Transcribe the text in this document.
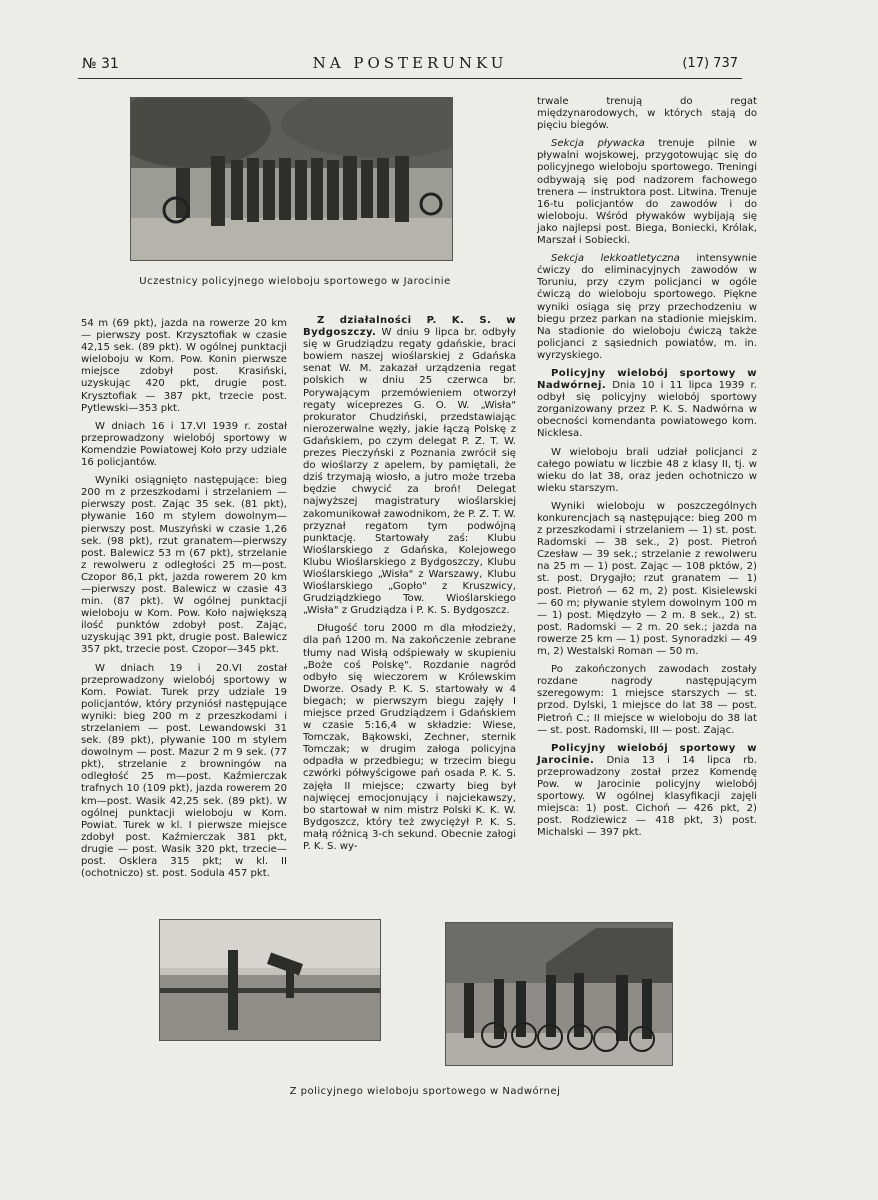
№ 31	NA POSTERUNKU	(17) 737
Uczestnicy policyjnego wieloboju sportowego w Jarocinie

54 m (69 pkt), jazda na rowerze 20 km — pierwszy post. Krzysztofiak w czasie 42,15 sek. (89 pkt). W ogólnej punktacji wieloboju w Kom. Pow. Konin pierwsze miejsce zdobył post. Krasiński, uzyskując 420 pkt, drugie post. Krysztofiak — 387 pkt, trzecie post. Pytlewski—353 pkt.

W dniach 16 i 17.VI 1939 r. został przeprowadzony wielobój sportowy w Komendzie Powiatowej Koło przy udziale 16 policjantów.

Wyniki osiągnięto następujące: bieg 200 m z przeszkodami i strzelaniem — pierwszy post. Zając 35 sek. (81 pkt), pływanie 160 m stylem dowolnym—pierwszy post. Muszyński w czasie 1,26 sek. (98 pkt), rzut granatem—pierwszy post. Balewicz 53 m (67 pkt), strzelanie z rewolweru z odległości 25 m—post. Czopor 86,1 pkt, jazda rowerem 20 km—pierwszy post. Balewicz w czasie 43 min. (87 pkt). W ogólnej punktacji wieloboju w Kom. Pow. Koło największą ilość punktów zdobył post. Zając, uzyskując 391 pkt, drugie post. Balewicz 357 pkt, trzecie post. Czopor—345 pkt.

W dniach 19 i 20.VI został przeprowadzony wielobój sportowy w Kom. Powiat. Turek przy udziale 19 policjantów, który przyniósł następujące wyniki: bieg 200 m z przeszkodami i strzelaniem — post. Lewandowski 31 sek. (89 pkt), pływanie 100 m stylem dowolnym — post. Mazur 2 m 9 sek. (77 pkt), strzelanie z browningów na odległość 25 m—post. Kaźmierczak trafnych 10 (109 pkt), jazda rowerem 20 km—post. Wasik 42,25 sek. (89 pkt). W ogólnej punktacji wieloboju w Kom. Powiat. Turek w kl. I pierwsze miejsce zdobył post. Kaźmierczak 381 pkt, drugie — post. Wasik 320 pkt, trzecie—post. Osklera 315 pkt; w kl. II (ochotniczo) st. post. Sodula 457 pkt.

Z działalności P. K. S. w Bydgoszczy. W dniu 9 lipca br. odbyły się w Grudziądzu regaty gdańskie, braci bowiem naszej wioślarskiej z Gdańska senat W. M. zakazał urządzenia regat polskich w dniu 25 czerwca br. Porywającym przemówieniem otworzył regaty wiceprezes G. O. W. „Wisła" prokurator Chudziński, przedstawiając nierozerwalne węzły, jakie łączą Polskę z Gdańskiem, po czym delegat P. Z. T. W. prezes Pieczyński z Poznania zwrócił się do wioślarzy z apelem, by pamiętali, że dziś trzymają wiosło, a jutro może trzeba będzie chwycić za broń! Delegat najwyższej magistratury wioślarskiej zakomunikował zawodnikom, że P. Z. T. W. przyznał regatom tym podwójną punktację. Startowały zaś: Klubu Wioślarskiego z Gdańska, Kolejowego Klubu Wioślarskiego z Bydgoszczy, Klubu Wioślarskiego „Wisła" z Warszawy, Klubu Wioślarskiego „Gopło" z Kruszwicy, Grudziądzkiego Tow. Wioślarskiego „Wisła" z Grudziądza i P. K. S. Bydgoszcz.

Długość toru 2000 m dla młodzieży, dla pań 1200 m. Na zakończenie zebrane tłumy nad Wisłą odśpiewały w skupieniu „Boże coś Polskę". Rozdanie nagród odbyło się wieczorem w Królewskim Dworze. Osady P. K. S. startowały w 4 biegach; w pierwszym biegu zajęły I miejsce przed Grudziądzem i Gdańskiem w czasie 5:16,4 w składzie: Wiese, Tomczak, Bąkowski, Zechner, sternik Tomczak; w drugim załoga policyjna odpadła w przedbiegu; w trzecim biegu czwórki półwyścigowe pań osada P. K. S. zajęła II miejsce; czwarty bieg był najwięcej emocjonujący i najciekawszy, bo startował w nim mistrz Polski K. K. W. Bydgoszcz, który też zwyciężył P. K. S. małą różnicą 3-ch sekund. Obecnie załogi P. K. S. wy-

trwale trenują do regat międzynarodowych, w których stają do pięciu biegów.

Sekcja pływacka trenuje pilnie w pływalni wojskowej, przygotowując się do policyjnego wieloboju sportowego. Treningi odbywają się pod nadzorem fachowego trenera — instruktora post. Litwina. Trenuje 16-tu policjantów do zawodów i do wieloboju. Wśród pływaków wybijają się jako najlepsi post. Biega, Boniecki, Królak, Marszał i Sobiecki.

Sekcja lekkoatletyczna intensywnie ćwiczy do eliminacyjnych zawodów w Toruniu, przy czym policjanci w ogóle ćwiczą do wieloboju sportowego. Piękne wyniki osiąga się przy przechodzeniu w biegu przez parkan na stadionie miejskim. Na stadionie do wieloboju ćwiczą także policjanci z sąsiednich powiatów, m. in. wyrzyskiego.

Policyjny wielobój sportowy w Nadwórnej. Dnia 10 i 11 lipca 1939 r. odbył się policyjny wielobój sportowy zorganizowany przez P. K. S. Nadwórna w obecności komendanta powiatowego kom. Nicklesa.

W wieloboju brali udział policjanci z całego powiatu w liczbie 48 z klasy II, tj. w wieku do lat 38, oraz jeden ochotniczo w wieku starszym.

Wyniki wieloboju w poszczególnych konkurencjach są następujące: bieg 200 m z przeszkodami i strzelaniem — 1) st. post. Radomski — 38 sek., 2) post. Pietroń Czesław — 39 sek.; strzelanie z rewolweru na 25 m — 1) post. Zając — 108 pktów, 2) st. post. Drygajło; rzut granatem — 1) post. Pietroń — 62 m, 2) post. Kisielewski — 60 m; pływanie stylem dowolnym 100 m — 1) post. Międzyło — 2 m. 8 sek., 2) st. post. Radomski — 2 m. 20 sek.; jazda na rowerze 25 km — 1) post. Synoradzki — 49 m, 2) Westalski Roman — 50 m.

Po zakończonych zawodach zostały rozdane nagrody następującym szeregowym: 1 miejsce starszych — st. przod. Dylski, 1 miejsce do lat 38 — post. Pietroń C.; II miejsce w wieloboju do 38 lat — st. post. Radomski, III — post. Zając.

Policyjny wielobój sportowy w Jarocinie. Dnia 13 i 14 lipca rb. przeprowadzony został przez Komendę Pow. w Jarocinie policyjny wielobój sportowy. W ogólnej klasyfikacji zajęli miejsca: 1) post. Cichoń — 426 pkt, 2) post. Rodziewicz — 418 pkt, 3) post. Michalski — 397 pkt.

Z policyjnego wieloboju sportowego w Nadwórnej
